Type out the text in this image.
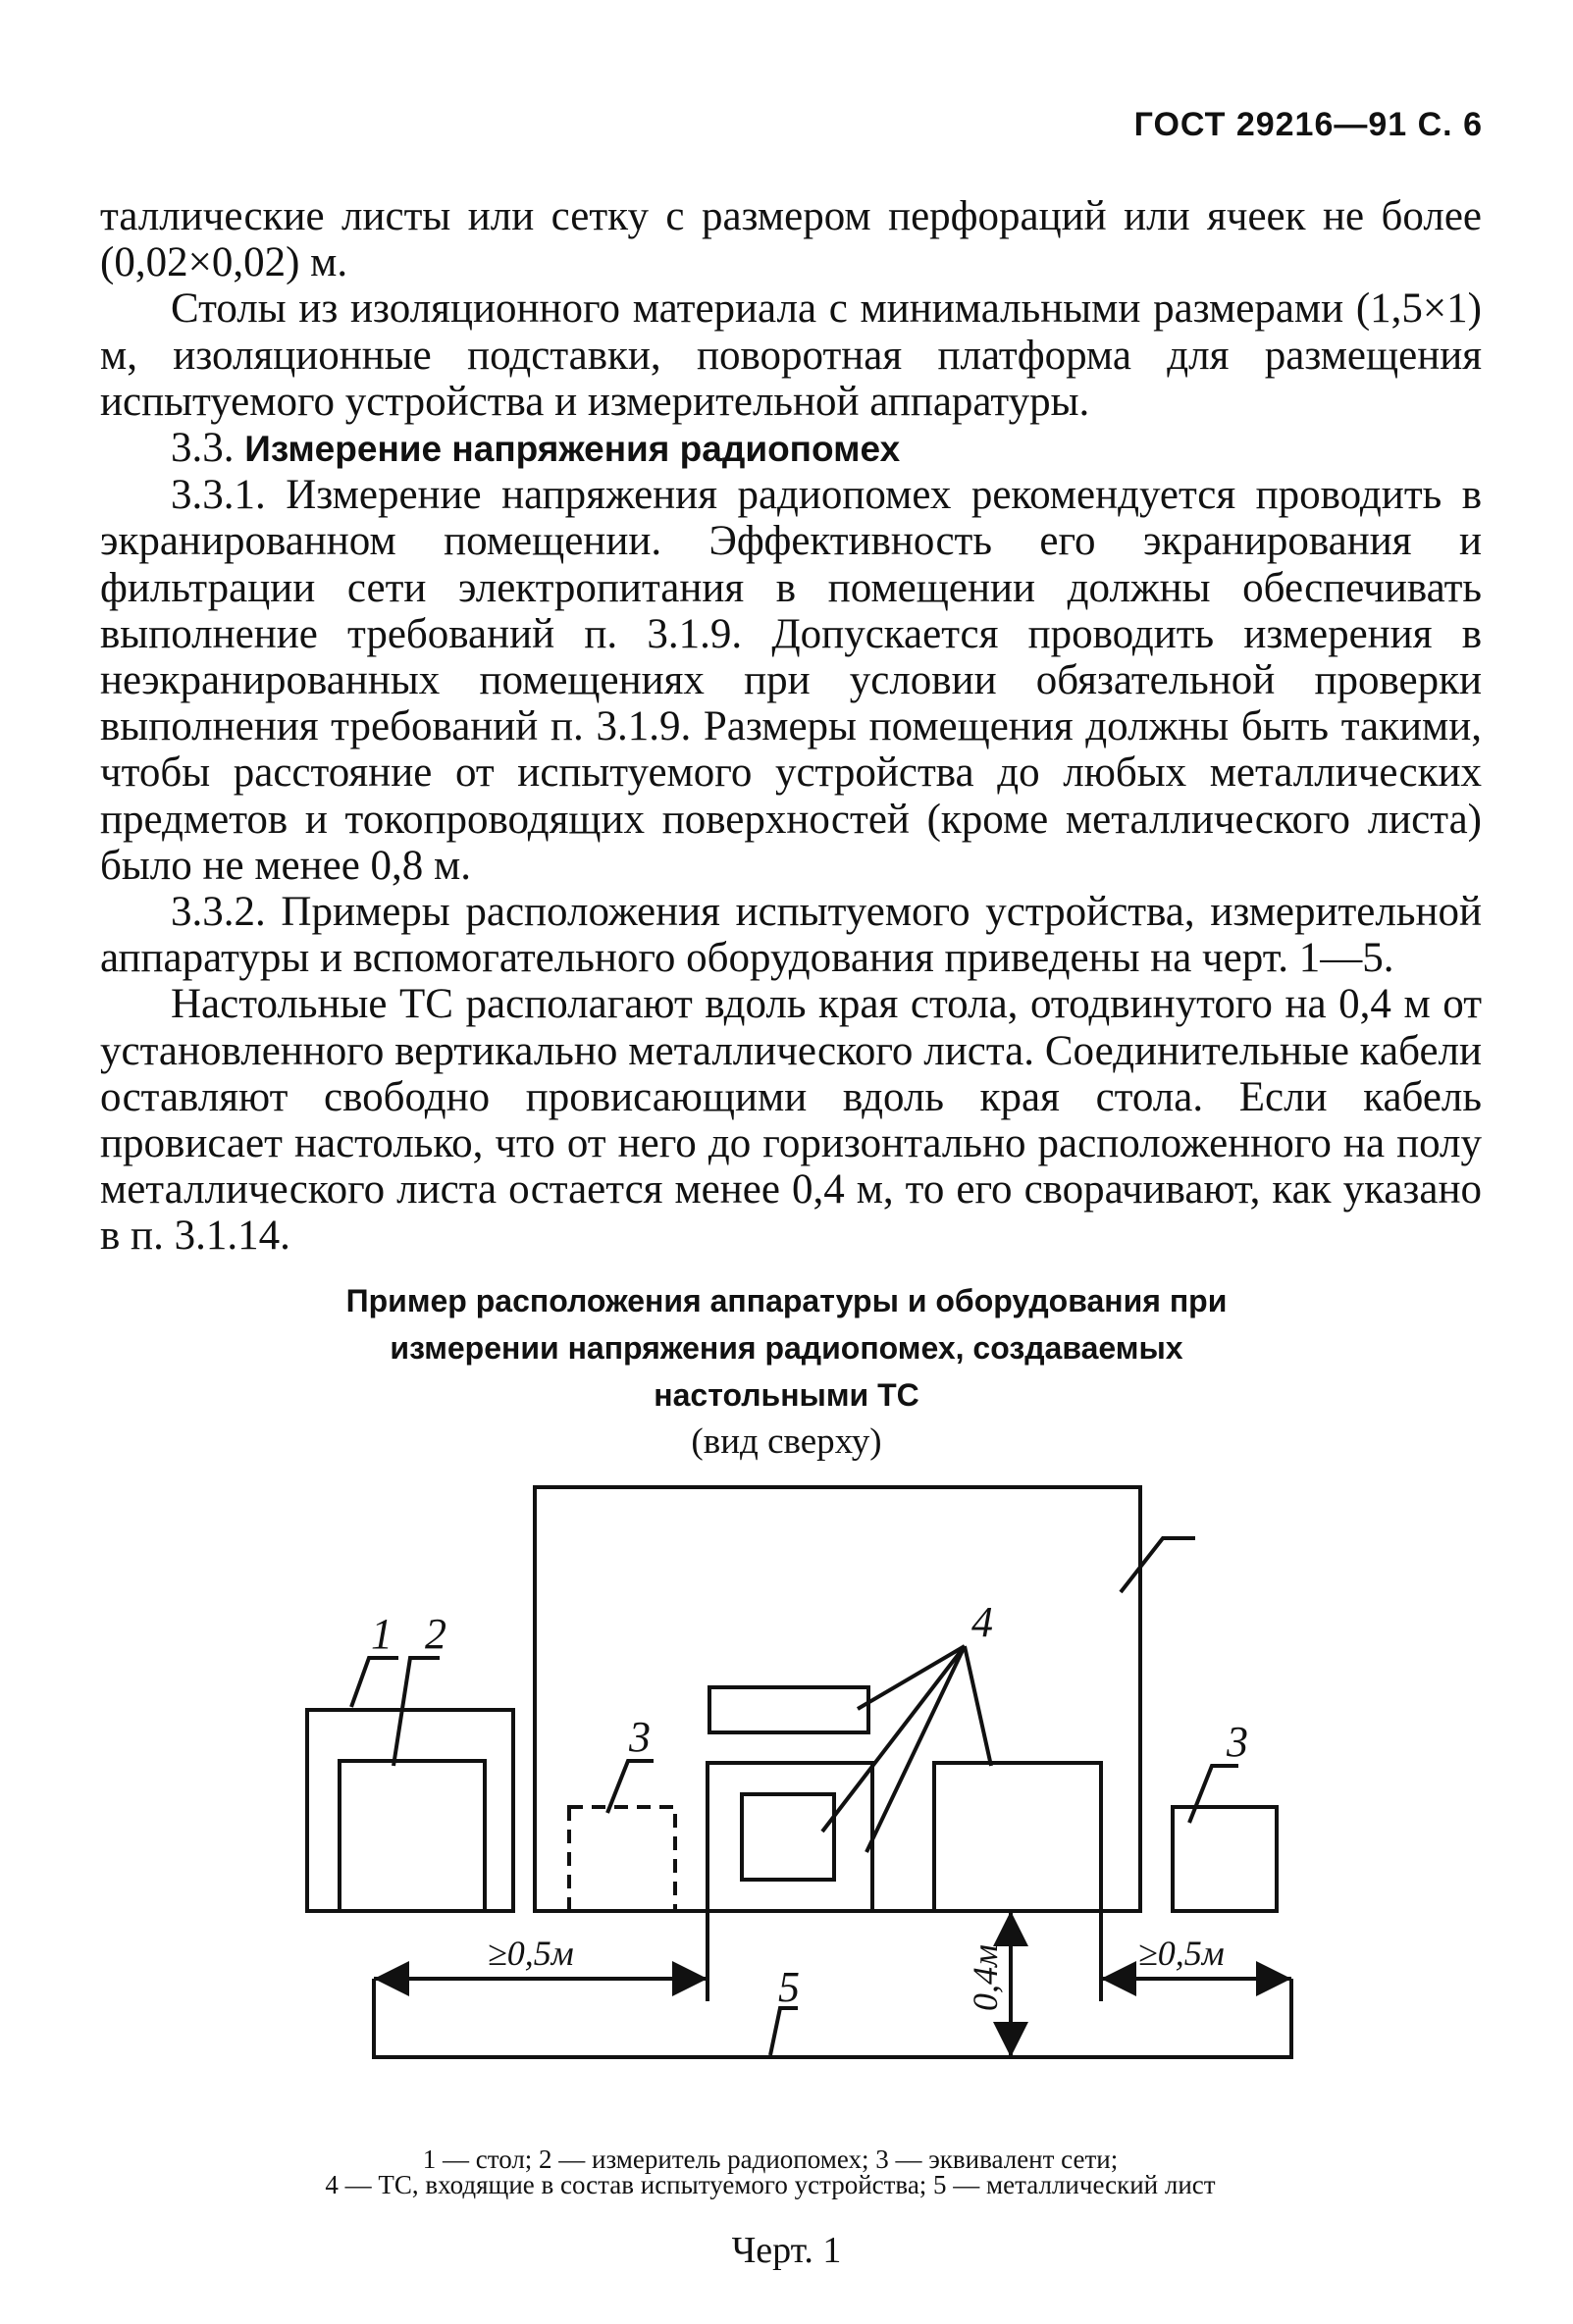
ГОСТ 29216—91 С. 6

таллические листы или сетку с размером перфораций или ячеек не более (0,02×0,02) м.

Столы из изоляционного материала с минимальными размерами (1,5×1) м, изоляционные подставки, поворотная платформа для размещения испытуемого устройства и измерительной аппаратуры.

3.3. Измерение напряжения радиопомех

3.3.1. Измерение напряжения радиопомех рекомендуется проводить в экранированном помещении. Эффективность его экранирования и фильтрации сети электропитания в помещении должны обеспечивать выполнение требований п. 3.1.9. Допускается проводить измерения в неэкранированных помещениях при условии обязательной проверки выполнения требований п. 3.1.9. Размеры помещения должны быть такими, чтобы расстояние от испытуемого устройства до любых металлических предметов и токопроводящих поверхностей (кроме металлического листа) было не менее 0,8 м.

3.3.2. Примеры расположения испытуемого устройства, измерительной аппаратуры и вспомогательного оборудования приведены на черт. 1—5.

Настольные ТС располагают вдоль края стола, отодвинутого на 0,4 м от установленного вертикально металлического листа. Соединительные кабели оставляют свободно провисающими вдоль края стола. Если кабель провисает настолько, что от него до горизонтально расположенного на полу металлического листа остается менее 0,4 м, то его сворачивают, как указано в п. 3.1.14.

Пример расположения аппаратуры и оборудования при
измерении напряжения радиопомех, создаваемых
настольными ТС
(вид сверху)
1 2
3	3
4
5
≥0,5м	≥0,5м
0,4м
1 — стол; 2 — измеритель радиопомех; 3 — эквивалент сети;
4 — ТС, входящие в состав испытуемого устройства; 5 — металлический лист
Черт. 1
